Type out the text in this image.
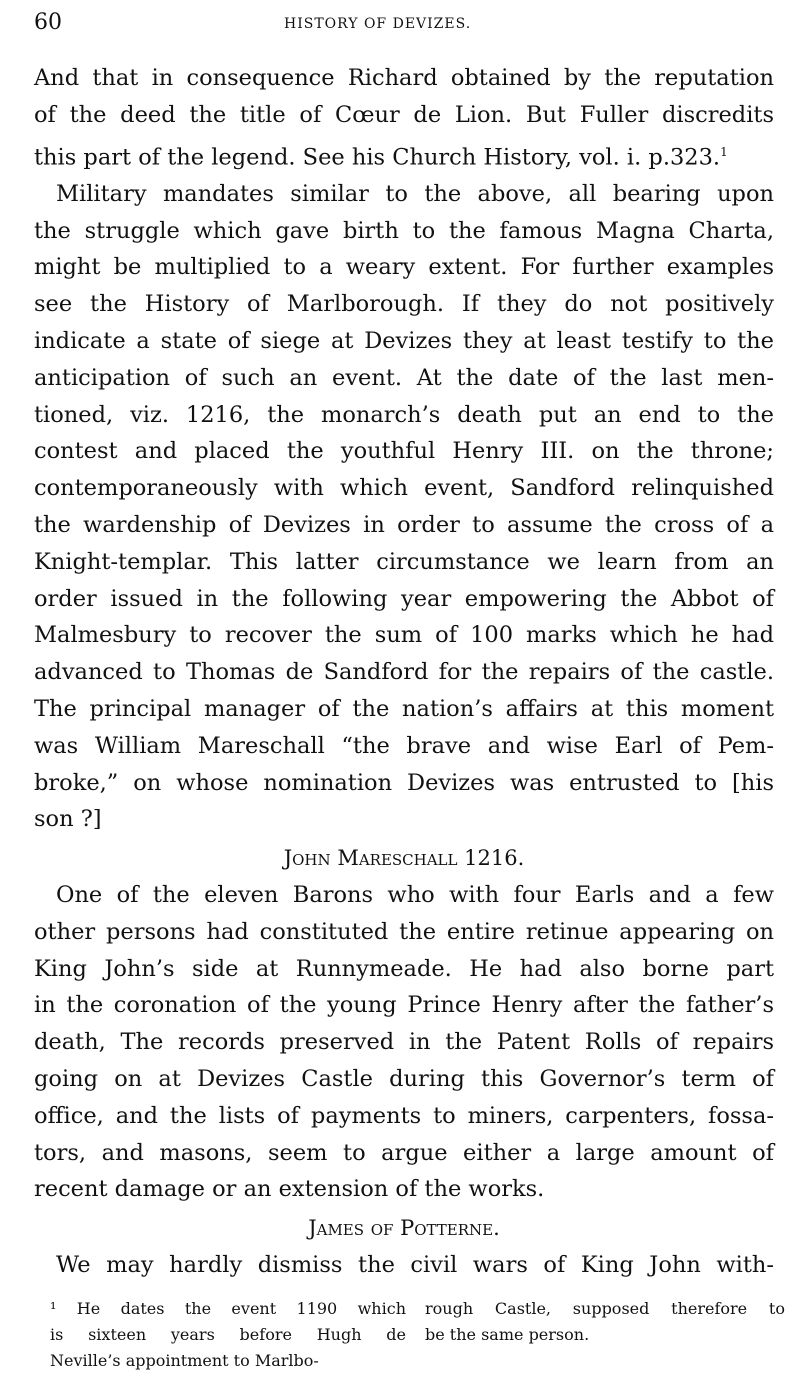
60	HISTORY OF DEVIZES.

And that in consequence Richard obtained by the reputation
of the deed the title of Cœur de Lion. But Fuller discredits
this part of the legend. See his Church History, vol. i. p.323.$^1$

Military mandates similar to the above, all bearing upon

the struggle which gave birth to the famous Magna Charta,
might be multiplied to a weary extent. For further examples
see the History of Marlborough. If they do not positively
indicate a state of siege at Devizes they at least testify to the
anticipation of such an event. At the date of the last men-
tioned, viz. 1216, the monarch’s death put an end to the
contest and placed the youthful Henry III. on the throne;
contemporaneously with which event, Sandford relinquished
the wardenship of Devizes in order to assume the cross of a
Knight-templar. This latter circumstance we learn from an
order issued in the following year empowering the Abbot of
Malmesbury to recover the sum of 100 marks which he had
advanced to Thomas de Sandford for the repairs of the castle.
The principal manager of the nation’s affairs at this moment
was William Mareschall “the brave and wise Earl of Pem-
broke,” on whose nomination Devizes was entrusted to [his
son ?]

John Mareschall 1216.

One of the eleven Barons who with four Earls and a few

other persons had constituted the entire retinue appearing on
King John’s side at Runnymeade. He had also borne part
in the coronation of the young Prince Henry after the father’s
death, The records preserved in the Patent Rolls of repairs
going on at Devizes Castle during this Governor’s term of
office, and the lists of payments to miners, carpenters, fossa-
tors, and masons, seem to argue either a large amount of
recent damage or an extension of the works.

James of Potterne.

We may hardly dismiss the civil wars of King John with-

¹ He dates the event 1190 which
is sixteen years before Hugh de
Neville’s appointment to Marlbo-
rough Castle, supposed therefore to
be the same person.
